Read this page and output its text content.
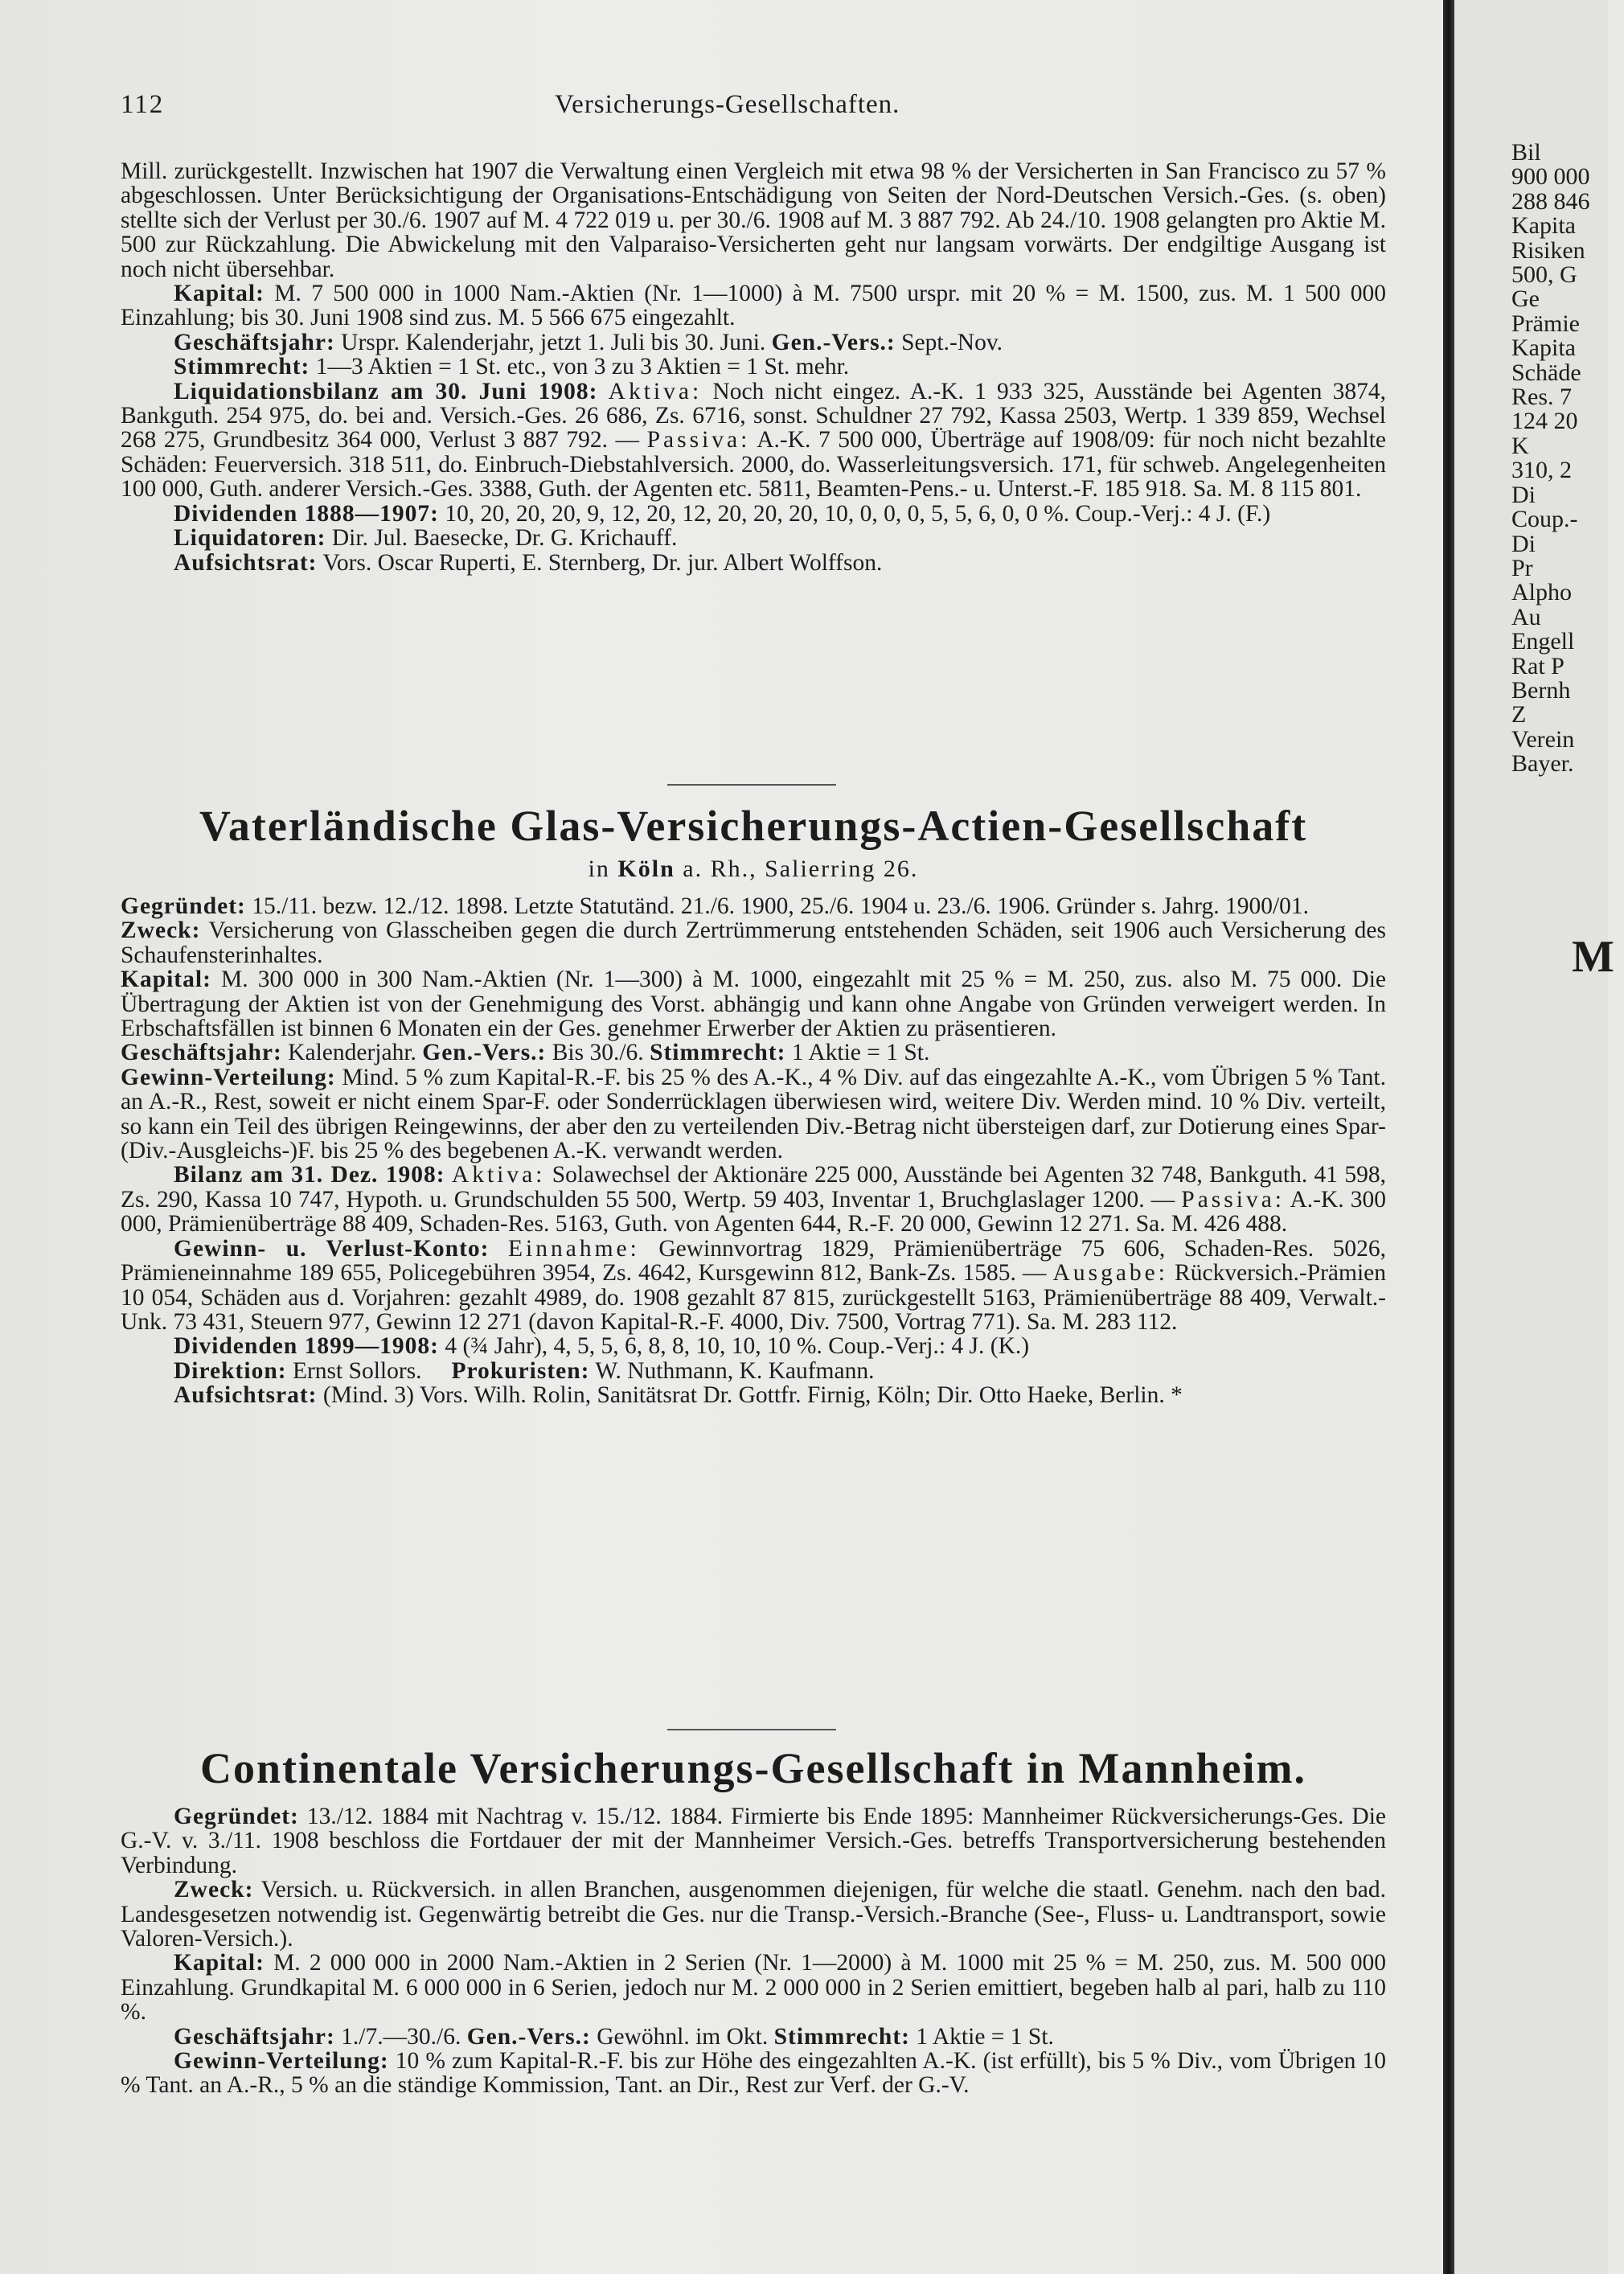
Bil
900 000
288 846
Kapita
Risiken
500, G
Ge
Prämie
Kapita
Schäde
Res. 7
124 20
K
310, 2
Di
Coup.-
Di
Pr
Alpho
Au
Engell
Rat P
Bernh
Z
Verein
Bayer.
M
112	Versicherungs-Gesellschaften.
Mill. zurückgestellt. Inzwischen hat 1907 die Verwaltung einen Vergleich mit etwa 98 % der Versicherten in San Francisco zu 57 % abgeschlossen. Unter Berücksichtigung der Organisations-Entschädigung von Seiten der Nord-Deutschen Versich.-Ges. (s. oben) stellte sich der Verlust per 30./6. 1907 auf M. 4 722 019 u. per 30./6. 1908 auf M. 3 887 792. Ab 24./10. 1908 gelangten pro Aktie M. 500 zur Rückzahlung. Die Abwickelung mit den Valparaiso-Versicherten geht nur langsam vorwärts. Der endgiltige Ausgang ist noch nicht übersehbar.
Kapital: M. 7 500 000 in 1000 Nam.-Aktien (Nr. 1—1000) à M. 7500 urspr. mit 20 % = M. 1500, zus. M. 1 500 000 Einzahlung; bis 30. Juni 1908 sind zus. M. 5 566 675 eingezahlt.
Geschäftsjahr: Urspr. Kalenderjahr, jetzt 1. Juli bis 30. Juni. Gen.-Vers.: Sept.-Nov.
Stimmrecht: 1—3 Aktien = 1 St. etc., von 3 zu 3 Aktien = 1 St. mehr.
Liquidationsbilanz am 30. Juni 1908: Aktiva: Noch nicht eingez. A.-K. 1 933 325, Ausstände bei Agenten 3874, Bankguth. 254 975, do. bei and. Versich.-Ges. 26 686, Zs. 6716, sonst. Schuldner 27 792, Kassa 2503, Wertp. 1 339 859, Wechsel 268 275, Grundbesitz 364 000, Verlust 3 887 792. — Passiva: A.-K. 7 500 000, Überträge auf 1908/09: für noch nicht bezahlte Schäden: Feuerversich. 318 511, do. Einbruch-Diebstahlversich. 2000, do. Wasserleitungsversich. 171, für schweb. Angelegenheiten 100 000, Guth. anderer Versich.-Ges. 3388, Guth. der Agenten etc. 5811, Beamten-Pens.- u. Unterst.-F. 185 918. Sa. M. 8 115 801.
Dividenden 1888—1907: 10, 20, 20, 20, 9, 12, 20, 12, 20, 20, 20, 10, 0, 0, 0, 5, 5, 6, 0, 0 %. Coup.-Verj.: 4 J. (F.)
Liquidatoren: Dir. Jul. Baesecke, Dr. G. Krichauff.
Aufsichtsrat: Vors. Oscar Ruperti, E. Sternberg, Dr. jur. Albert Wolffson.
Vaterländische Glas-Versicherungs-Actien-Gesellschaft
in Köln a. Rh., Salierring 26.
Gegründet: 15./11. bezw. 12./12. 1898. Letzte Statutänd. 21./6. 1900, 25./6. 1904 u. 23./6. 1906. Gründer s. Jahrg. 1900/01.
Zweck: Versicherung von Glasscheiben gegen die durch Zertrümmerung entstehenden Schäden, seit 1906 auch Versicherung des Schaufensterinhaltes.
Kapital: M. 300 000 in 300 Nam.-Aktien (Nr. 1—300) à M. 1000, eingezahlt mit 25 % = M. 250, zus. also M. 75 000. Die Übertragung der Aktien ist von der Genehmigung des Vorst. abhängig und kann ohne Angabe von Gründen verweigert werden. In Erbschaftsfällen ist binnen 6 Monaten ein der Ges. genehmer Erwerber der Aktien zu präsentieren.
Geschäftsjahr: Kalenderjahr. Gen.-Vers.: Bis 30./6. Stimmrecht: 1 Aktie = 1 St.
Gewinn-Verteilung: Mind. 5 % zum Kapital-R.-F. bis 25 % des A.-K., 4 % Div. auf das eingezahlte A.-K., vom Übrigen 5 % Tant. an A.-R., Rest, soweit er nicht einem Spar-F. oder Sonderrücklagen überwiesen wird, weitere Div. Werden mind. 10 % Div. verteilt, so kann ein Teil des übrigen Reingewinns, der aber den zu verteilenden Div.-Betrag nicht übersteigen darf, zur Dotierung eines Spar-(Div.-Ausgleichs-)F. bis 25 % des begebenen A.-K. verwandt werden.
Bilanz am 31. Dez. 1908: Aktiva: Solawechsel der Aktionäre 225 000, Ausstände bei Agenten 32 748, Bankguth. 41 598, Zs. 290, Kassa 10 747, Hypoth. u. Grundschulden 55 500, Wertp. 59 403, Inventar 1, Bruchglaslager 1200. — Passiva: A.-K. 300 000, Prämienüberträge 88 409, Schaden-Res. 5163, Guth. von Agenten 644, R.-F. 20 000, Gewinn 12 271. Sa. M. 426 488.
Gewinn- u. Verlust-Konto: Einnahme: Gewinnvortrag 1829, Prämienüberträge 75 606, Schaden-Res. 5026, Prämieneinnahme 189 655, Policegebühren 3954, Zs. 4642, Kursgewinn 812, Bank-Zs. 1585. — Ausgabe: Rückversich.-Prämien 10 054, Schäden aus d. Vorjahren: gezahlt 4989, do. 1908 gezahlt 87 815, zurückgestellt 5163, Prämienüberträge 88 409, Verwalt.-Unk. 73 431, Steuern 977, Gewinn 12 271 (davon Kapital-R.-F. 4000, Div. 7500, Vortrag 771). Sa. M. 283 112.
Dividenden 1899—1908: 4 (¾ Jahr), 4, 5, 5, 6, 8, 8, 10, 10, 10 %. Coup.-Verj.: 4 J. (K.)
Direktion: Ernst Sollors. Prokuristen: W. Nuthmann, K. Kaufmann.
Aufsichtsrat: (Mind. 3) Vors. Wilh. Rolin, Sanitätsrat Dr. Gottfr. Firnig, Köln; Dir. Otto Haeke, Berlin. *
Continentale Versicherungs-Gesellschaft in Mannheim.
Gegründet: 13./12. 1884 mit Nachtrag v. 15./12. 1884. Firmierte bis Ende 1895: Mannheimer Rückversicherungs-Ges. Die G.-V. v. 3./11. 1908 beschloss die Fortdauer der mit der Mannheimer Versich.-Ges. betreffs Transportversicherung bestehenden Verbindung.
Zweck: Versich. u. Rückversich. in allen Branchen, ausgenommen diejenigen, für welche die staatl. Genehm. nach den bad. Landesgesetzen notwendig ist. Gegenwärtig betreibt die Ges. nur die Transp.-Versich.-Branche (See-, Fluss- u. Landtransport, sowie Valoren-Versich.).
Kapital: M. 2 000 000 in 2000 Nam.-Aktien in 2 Serien (Nr. 1—2000) à M. 1000 mit 25 % = M. 250, zus. M. 500 000 Einzahlung. Grundkapital M. 6 000 000 in 6 Serien, jedoch nur M. 2 000 000 in 2 Serien emittiert, begeben halb al pari, halb zu 110 %.
Geschäftsjahr: 1./7.—30./6. Gen.-Vers.: Gewöhnl. im Okt. Stimmrecht: 1 Aktie = 1 St.
Gewinn-Verteilung: 10 % zum Kapital-R.-F. bis zur Höhe des eingezahlten A.-K. (ist erfüllt), bis 5 % Div., vom Übrigen 10 % Tant. an A.-R., 5 % an die ständige Kommission, Tant. an Dir., Rest zur Verf. der G.-V.
